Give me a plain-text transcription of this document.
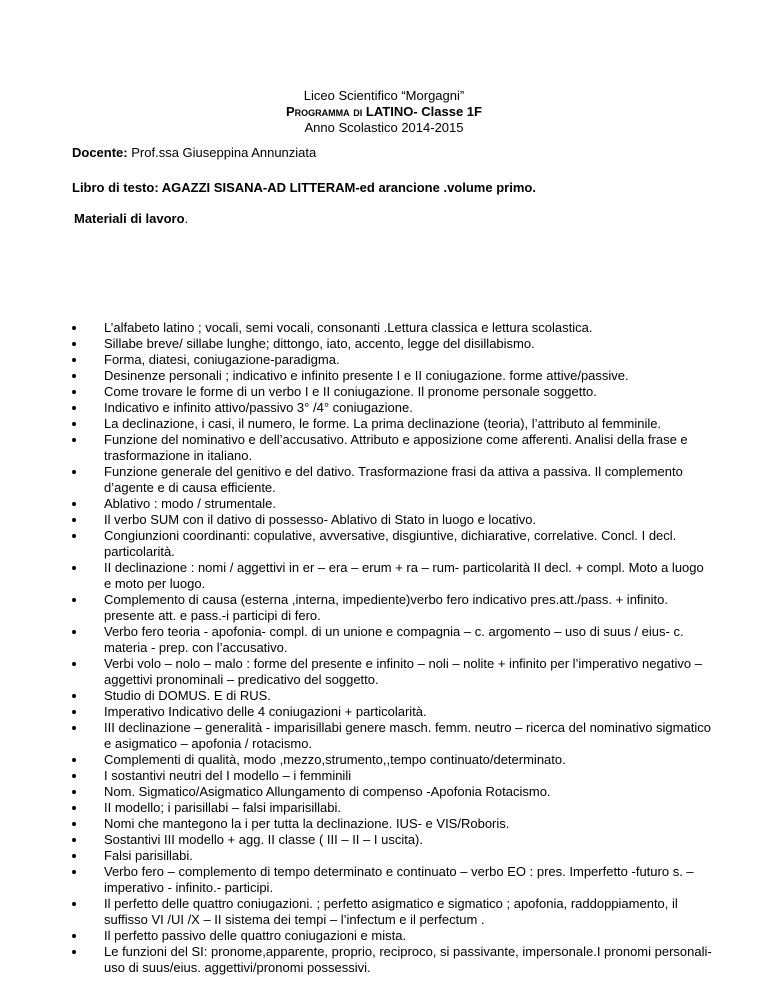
Liceo Scientifico “Morgagni”
Programma di LATINO- Classe 1F
Anno Scolastico 2014-2015
Docente: Prof.ssa Giuseppina Annunziata
Libro di testo: AGAZZI SISANA-AD LITTERAM-ed arancione .volume primo.
Materiali di lavoro.
L’alfabeto latino ; vocali, semi vocali, consonanti .Lettura classica e lettura scolastica.
Sillabe breve/ sillabe lunghe; dittongo, iato, accento, legge del disillabismo.
Forma, diatesi, coniugazione-paradigma.
Desinenze personali ; indicativo e infinito presente I e II coniugazione. forme attive/passive.
Come trovare le forme di un verbo I e II coniugazione. Il pronome personale soggetto.
Indicativo e infinito attivo/passivo 3° /4° coniugazione.
La declinazione, i casi, il numero, le forme. La prima declinazione (teoria), l’attributo al femminile.
Funzione del nominativo e dell’accusativo. Attributo e apposizione come afferenti. Analisi della frase e trasformazione in italiano.
Funzione generale del genitivo e del dativo. Trasformazione frasi da attiva a passiva. Il complemento d’agente e di causa efficiente.
Ablativo : modo / strumentale.
Il verbo SUM con il dativo di possesso- Ablativo di Stato in luogo e locativo.
Congiunzioni coordinanti: copulative, avversative, disgiuntive, dichiarative, correlative. Concl. I decl. particolarità.
II declinazione : nomi / aggettivi in er – era – erum + ra – rum- particolarità II decl. + compl. Moto a luogo e moto per luogo.
Complemento di causa (esterna ,interna, impediente)verbo fero indicativo pres.att./pass. + infinito. presente att. e pass.-i participi di fero.
Verbo fero teoria - apofonia- compl. di un unione e compagnia – c. argomento – uso di suus / eius- c. materia - prep. con l’accusativo.
Verbi volo – nolo – malo : forme del presente e infinito – noli – nolite + infinito per l’imperativo negativo – aggettivi pronominali – predicativo del soggetto.
Studio di DOMUS. E di RUS.
Imperativo Indicativo delle 4 coniugazioni + particolarità.
III declinazione – generalità - imparisillabi genere masch. femm. neutro – ricerca del nominativo sigmatico e asigmatico – apofonia / rotacismo.
Complementi di qualità, modo ,mezzo,strumento,,tempo continuato/determinato.
I sostantivi neutri del I modello – i femminili
Nom. Sigmatico/Asigmatico Allungamento di compenso -Apofonia Rotacismo.
II modello; i parisillabi – falsi imparisillabi.
Nomi che mantegono la i per tutta la declinazione. IUS- e VIS/Roboris.
Sostantivi III modello + agg. II classe ( III – II – I uscita).
Falsi parisillabi.
Verbo fero – complemento di tempo determinato e continuato – verbo EO : pres. Imperfetto -futuro s. –imperativo - infinito.- participi.
Il perfetto delle quattro coniugazioni. ; perfetto asigmatico e sigmatico ; apofonia, raddoppiamento, il suffisso VI /UI /X – II sistema dei tempi – l’infectum e il perfectum .
Il perfetto passivo delle quattro coniugazioni e mista.
Le funzioni del SI: pronome,apparente, proprio, reciproco, si passivante, impersonale.I pronomi personali-uso di suus/eius. aggettivi/pronomi possessivi.
